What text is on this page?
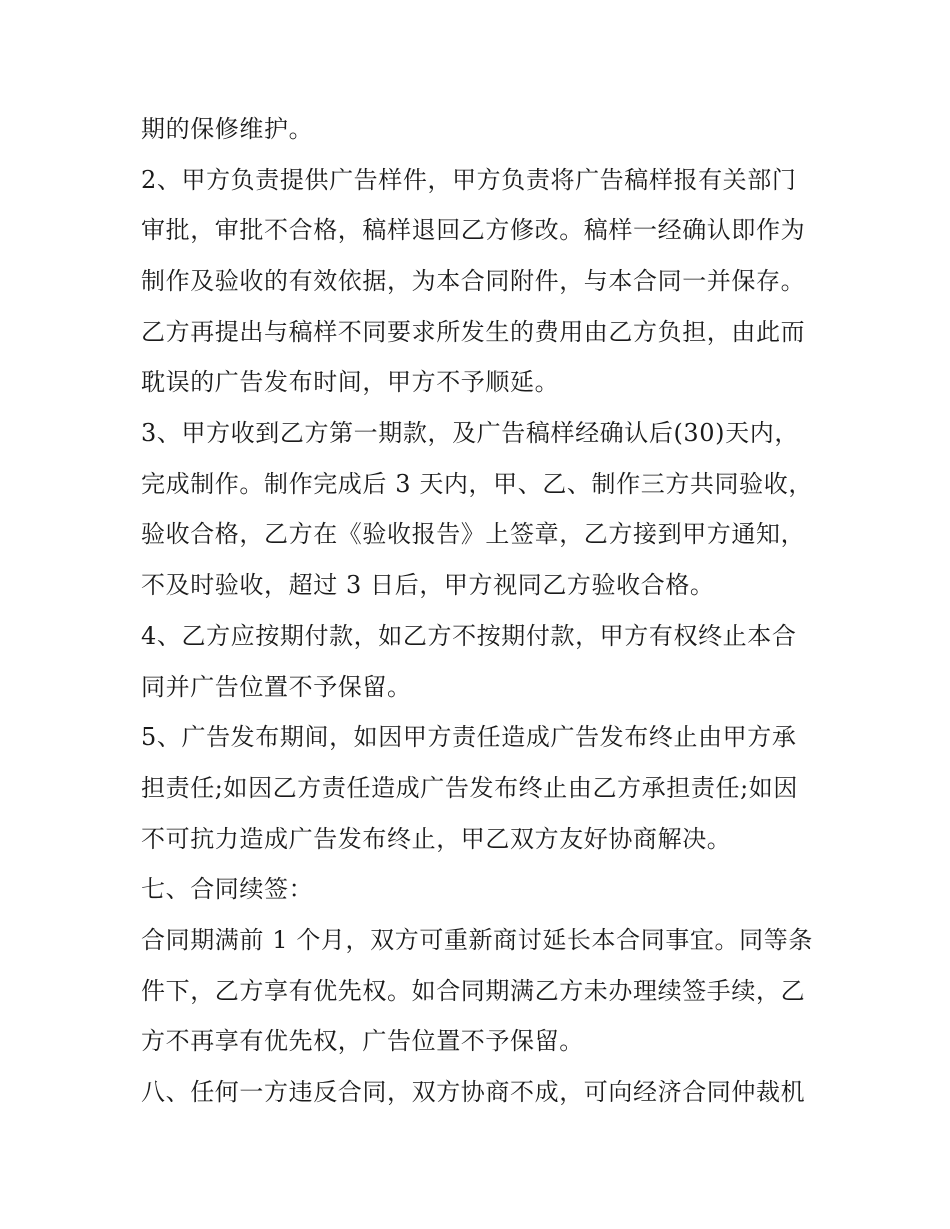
期的保修维护。
2、甲方负责提供广告样件，甲方负责将广告稿样报有关部门
审批，审批不合格，稿样退回乙方修改。稿样一经确认即作为
制作及验收的有效依据，为本合同附件，与本合同一并保存。
乙方再提出与稿样不同要求所发生的费用由乙方负担，由此而
耽误的广告发布时间，甲方不予顺延。
3、甲方收到乙方第一期款，及广告稿样经确认后(30)天内，
完成制作。制作完成后 3 天内，甲、乙、制作三方共同验收，
验收合格，乙方在《验收报告》上签章，乙方接到甲方通知，
不及时验收，超过 3 日后，甲方视同乙方验收合格。
4、乙方应按期付款，如乙方不按期付款，甲方有权终止本合
同并广告位置不予保留。
5、广告发布期间，如因甲方责任造成广告发布终止由甲方承
担责任;如因乙方责任造成广告发布终止由乙方承担责任;如因
不可抗力造成广告发布终止，甲乙双方友好协商解决。
七、合同续签：
合同期满前 1 个月，双方可重新商讨延长本合同事宜。同等条
件下，乙方享有优先权。如合同期满乙方未办理续签手续，乙
方不再享有优先权，广告位置不予保留。
八、任何一方违反合同，双方协商不成，可向经济合同仲裁机
